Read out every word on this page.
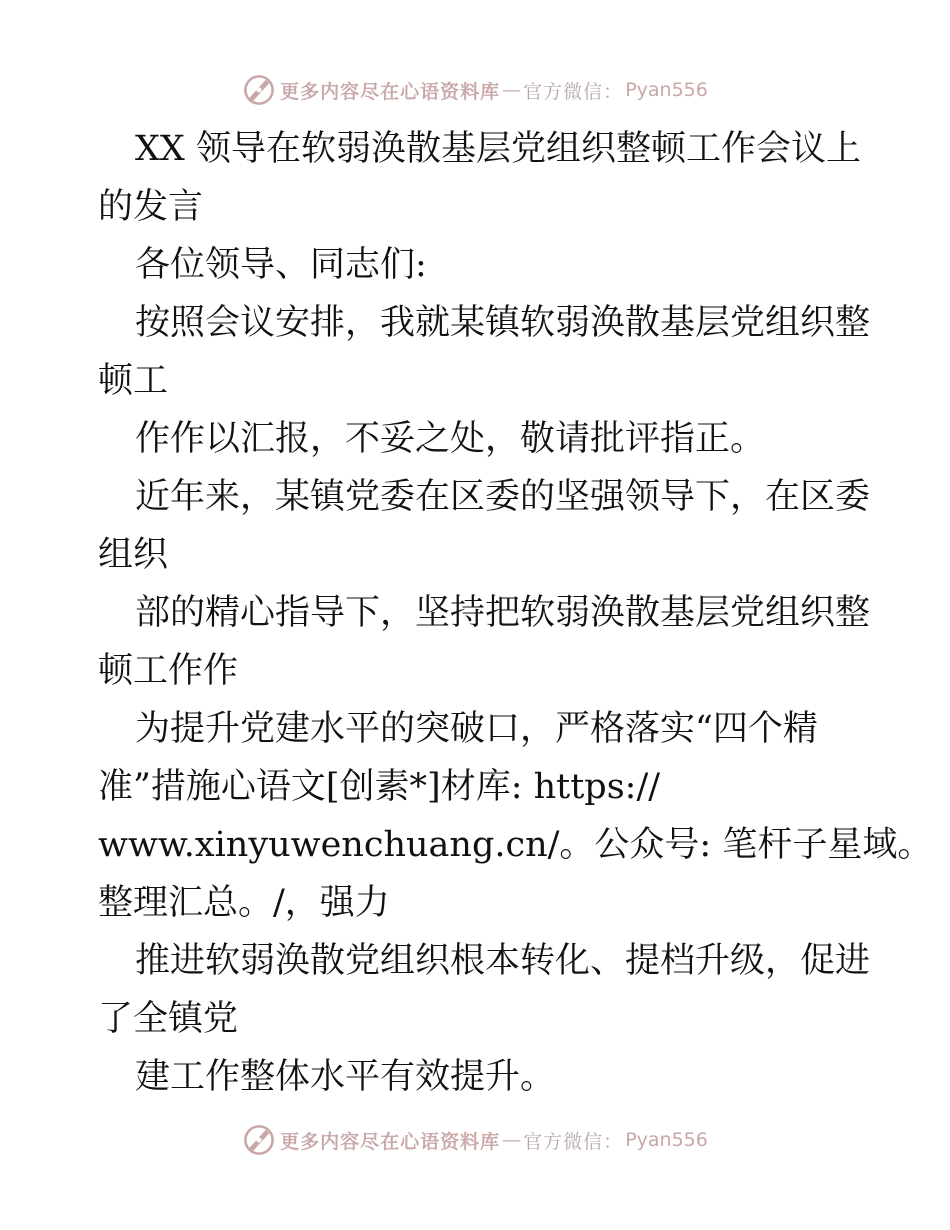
更多内容尽在心语资料库 — 官方微信： Pyan556
XX 领导在软弱涣散基层党组织整顿工作会议上
的发言
各位领导、同志们:
按照会议安排，我就某镇软弱涣散基层党组织整
顿工
作作以汇报，不妥之处，敬请批评指正。
近年来，某镇党委在区委的坚强领导下，在区委
组织
部的精心指导下，坚持把软弱涣散基层党组织整
顿工作作
为提升党建水平的突破口，严格落实“四个精
准”措施心语文[创素*]材库: https://
www.xinyuwenchuang.cn/。公众号: 笔杆子星域。
整理汇总。/，强力
推进软弱涣散党组织根本转化、提档升级，促进
了全镇党
建工作整体水平有效提升。
更多内容尽在心语资料库 — 官方微信： Pyan556
